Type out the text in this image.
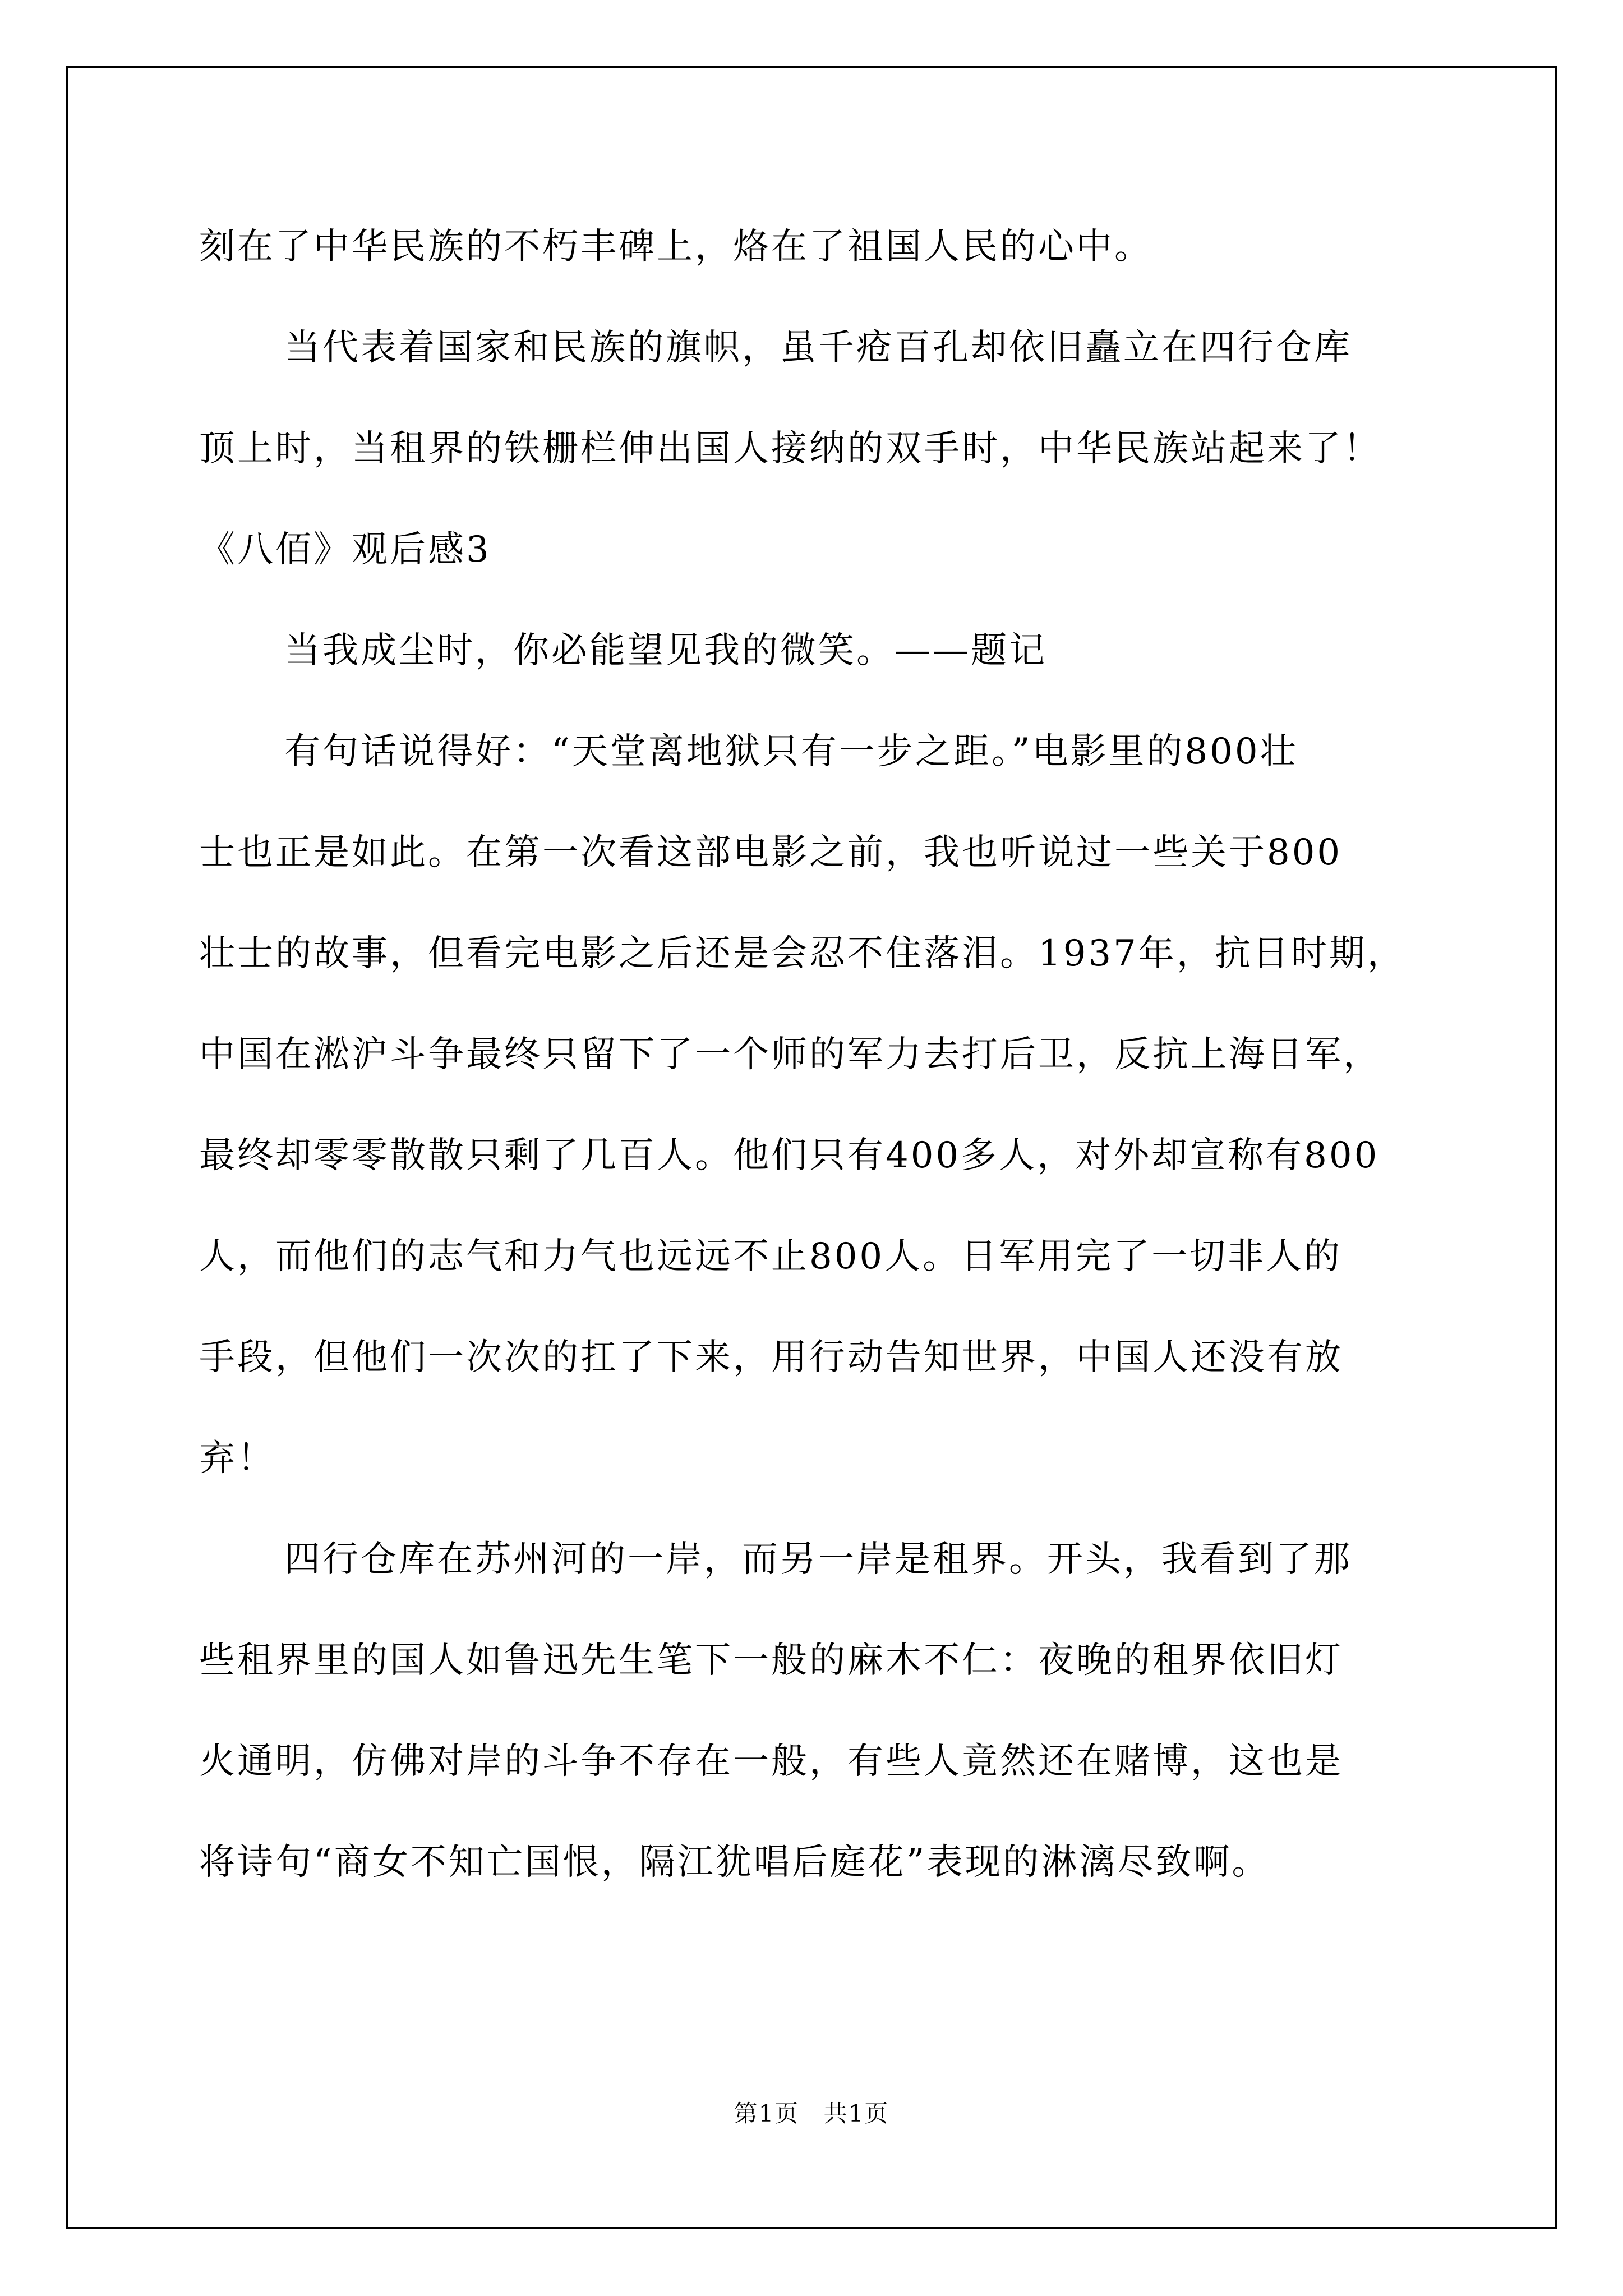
刻在了中华民族的不朽丰碑上，烙在了祖国人民的心中。
当代表着国家和民族的旗帜，虽千疮百孔却依旧矗立在四行仓库
顶上时，当租界的铁栅栏伸出国人接纳的双手时，中华民族站起来了！
《八佰》观后感3
当我成尘时，你必能望见我的微笑。——题记
有句话说得好：“天堂离地狱只有一步之距。”电影里的800壮
士也正是如此。在第一次看这部电影之前，我也听说过一些关于800
壮士的故事，但看完电影之后还是会忍不住落泪。1937年，抗日时期，
中国在淞沪斗争最终只留下了一个师的军力去打后卫，反抗上海日军，
最终却零零散散只剩了几百人。他们只有400多人，对外却宣称有800
人，而他们的志气和力气也远远不止800人。日军用完了一切非人的
手段，但他们一次次的扛了下来，用行动告知世界，中国人还没有放
弃！
四行仓库在苏州河的一岸，而另一岸是租界。开头，我看到了那
些租界里的国人如鲁迅先生笔下一般的麻木不仁：夜晚的租界依旧灯
火通明，仿佛对岸的斗争不存在一般，有些人竟然还在赌博，这也是
将诗句“商女不知亡国恨，隔江犹唱后庭花”表现的淋漓尽致啊。
第1页 共1页
